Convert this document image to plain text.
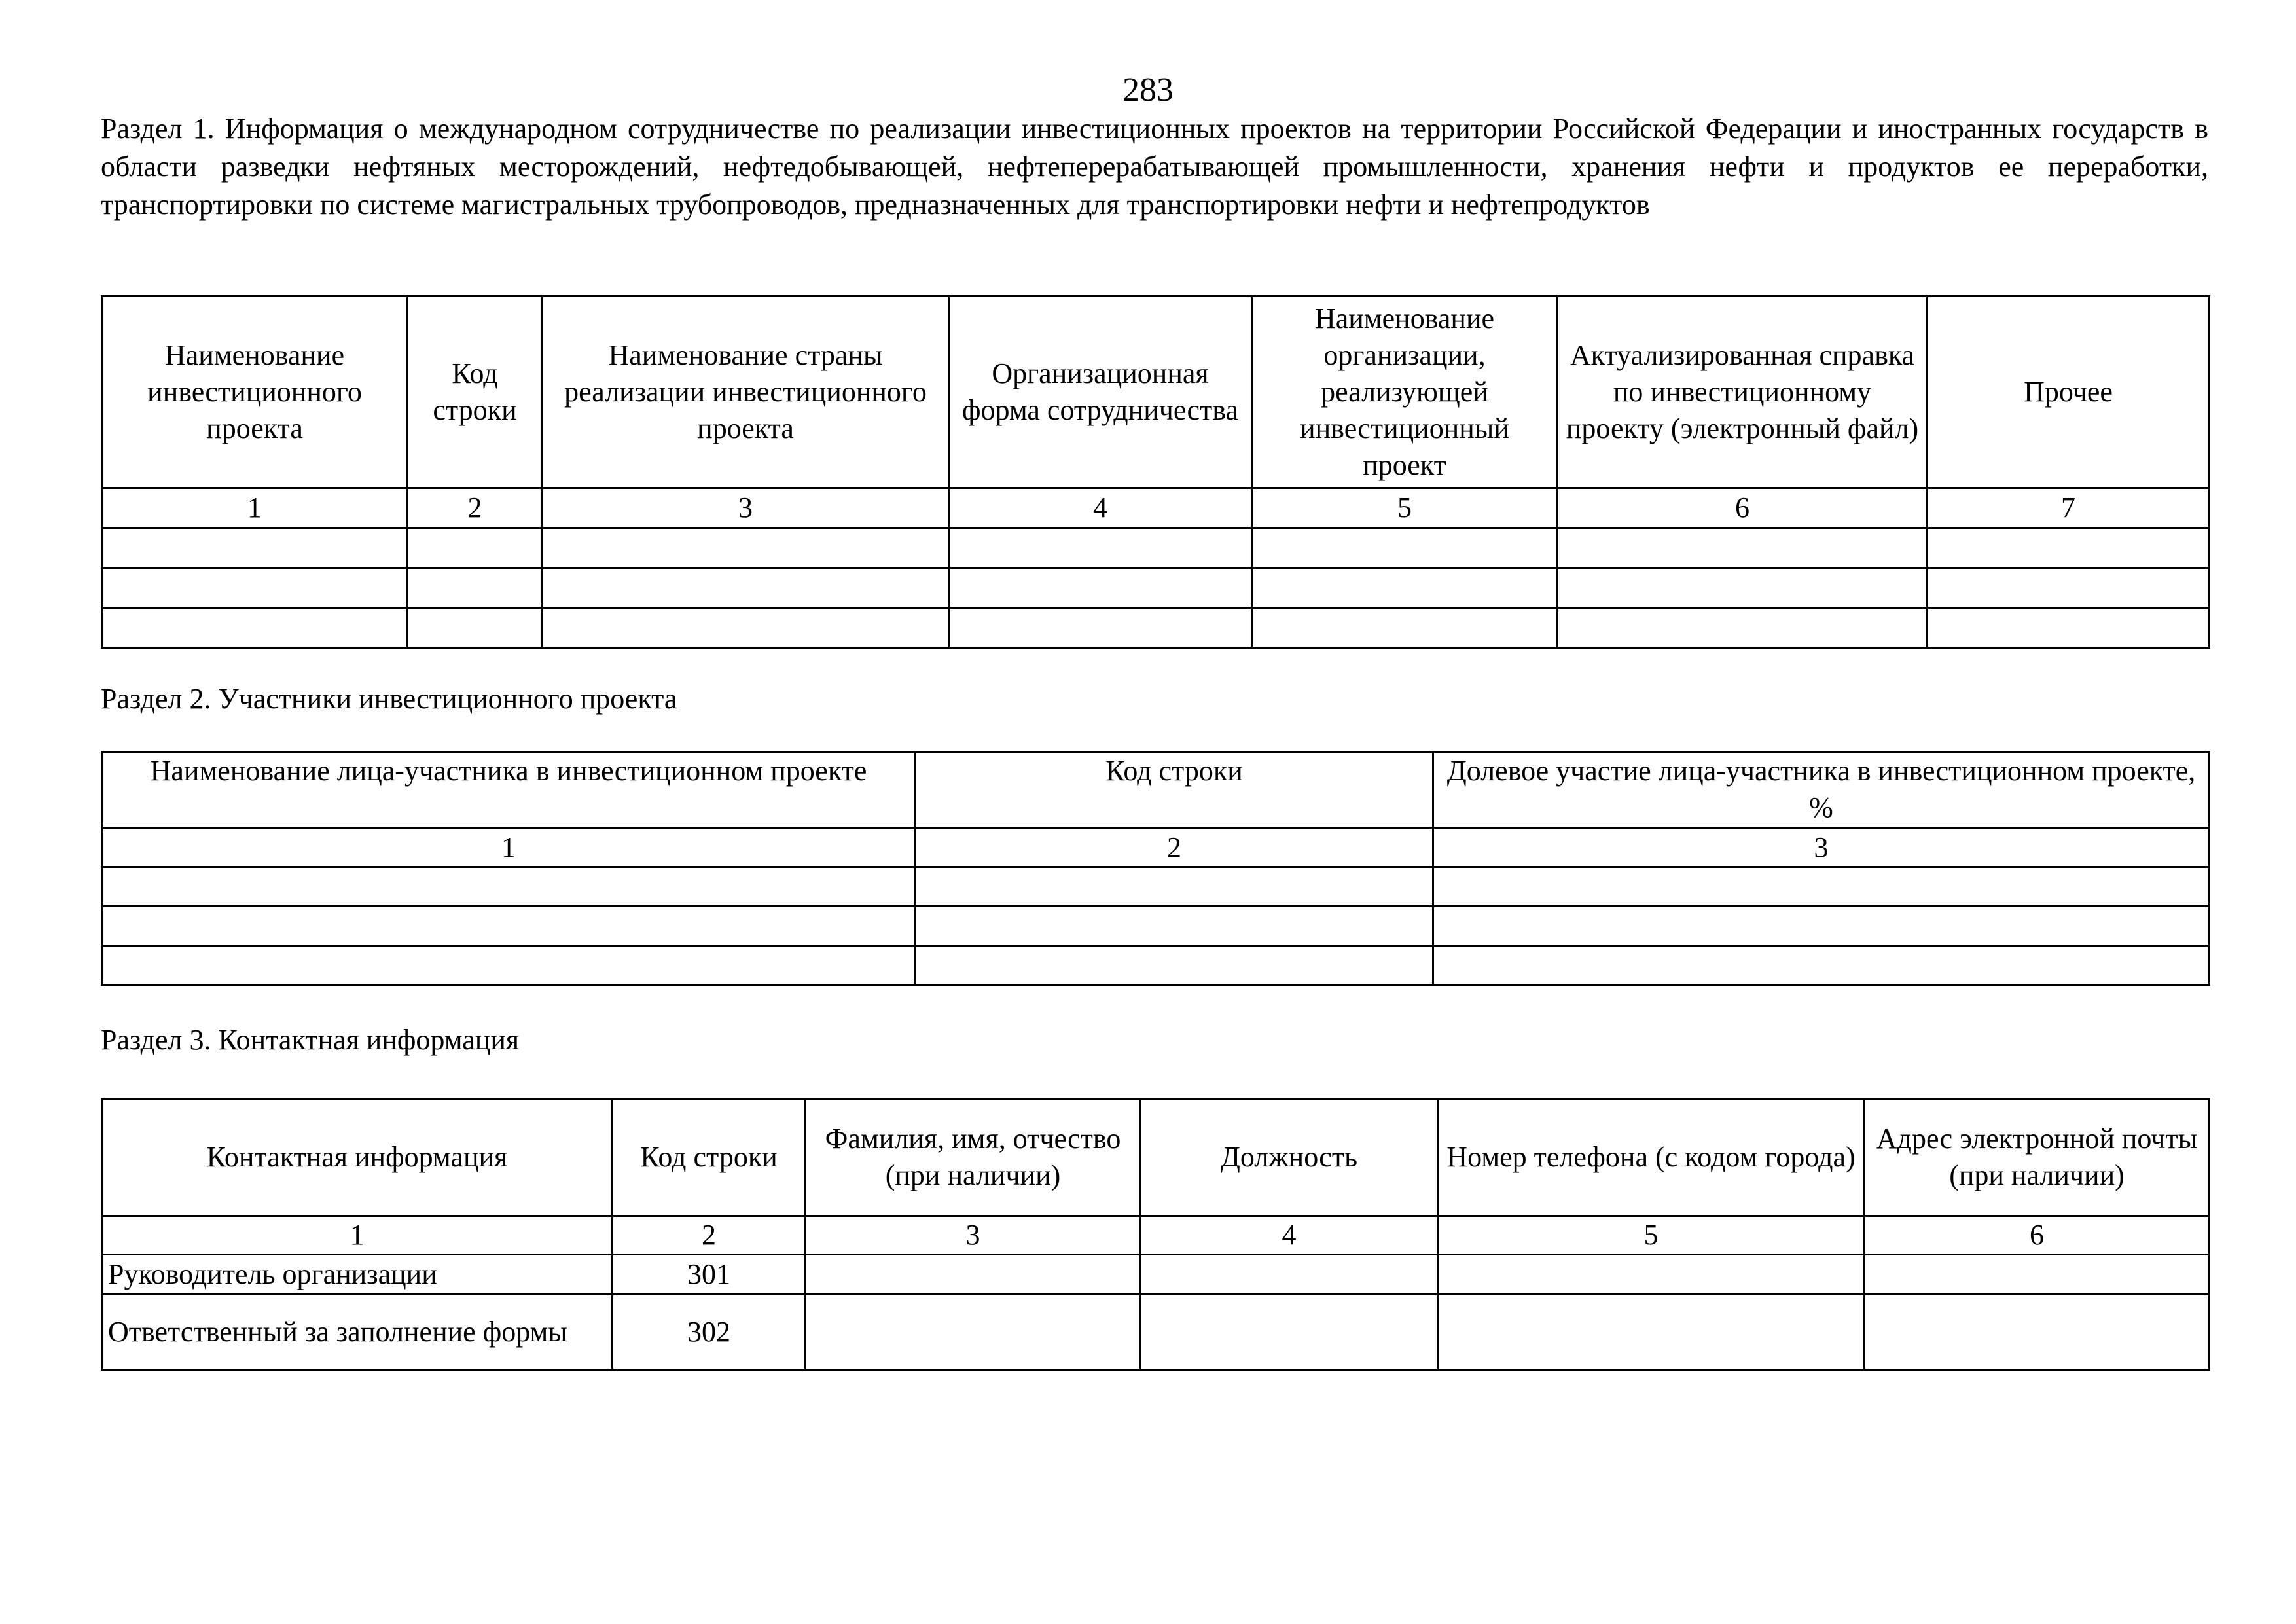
283
Раздел 1. Информация о международном сотрудничестве по реализации инвестиционных проектов на территории Российской Федерации и иностранных государств в области разведки нефтяных месторождений, нефтедобывающей, нефтеперерабатывающей промышленности, хранения нефти и продуктов ее переработки, транспортировки по системе магистральных трубопроводов, предназначенных для транспортировки нефти и нефтепродуктов
Наименование инвестиционного проекта	Код строки	Наименование страны реализации инвестиционного проекта	Организационная форма сотрудничества	Наименование организации, реализующей инвестиционный проект	Актуализированная справка по инвестиционному проекту (электронный файл)	Прочее
1	2	3	4	5	6	7

Раздел 2. Участники инвестиционного проекта
Наименование лица-участника в инвестиционном проекте	Код строки	Долевое участие лица-участника в инвестиционном проекте, %
1	2	3

Раздел 3. Контактная информация
Контактная информация	Код строки	Фамилия, имя, отчество (при наличии)	Должность	Номер телефона (с кодом города)	Адрес электронной почты (при наличии)
1	2	3	4	5	6
Руководитель организации	301				
Ответственный за заполнение формы	302				
